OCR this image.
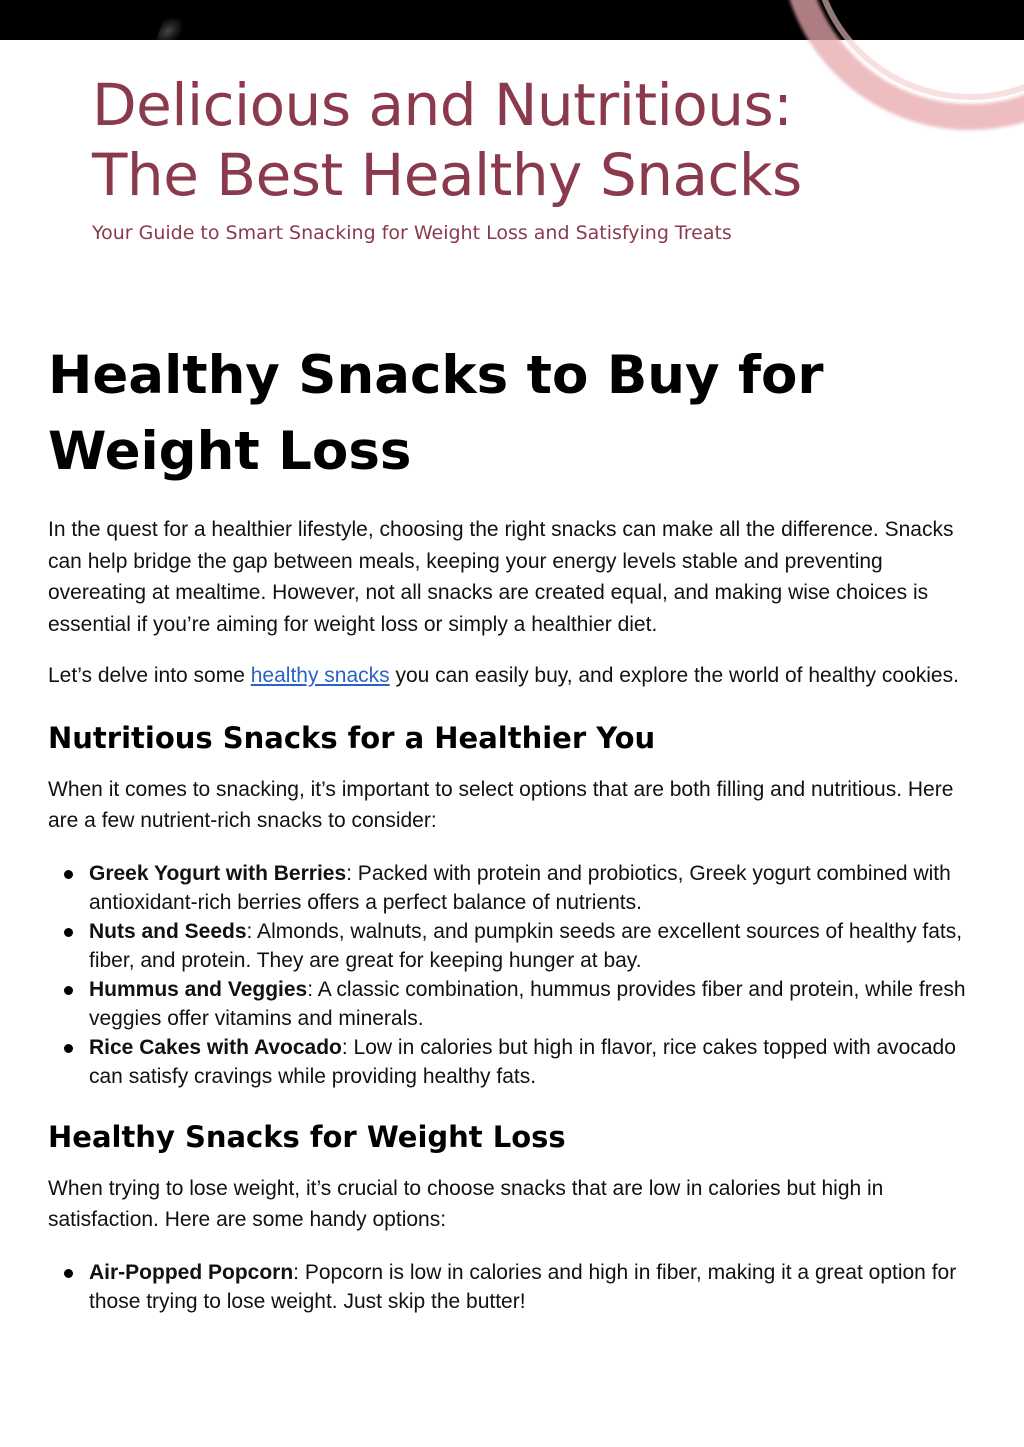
Delicious and Nutritious:
The Best Healthy Snacks

Your Guide to Smart Snacking for Weight Loss and Satisfying Treats

Healthy Snacks to Buy for Weight Loss

In the quest for a healthier lifestyle, choosing the right snacks can make all the difference. Snacks can help bridge the gap between meals, keeping your energy levels stable and preventing overeating at mealtime. However, not all snacks are created equal, and making wise choices is essential if you’re aiming for weight loss or simply a healthier diet.

Let’s delve into some healthy snacks you can easily buy, and explore the world of healthy cookies.

Nutritious Snacks for a Healthier You

When it comes to snacking, it’s important to select options that are both filling and nutritious. Here are a few nutrient-rich snacks to consider:

Greek Yogurt with Berries: Packed with protein and probiotics, Greek yogurt combined with antioxidant-rich berries offers a perfect balance of nutrients.
Nuts and Seeds: Almonds, walnuts, and pumpkin seeds are excellent sources of healthy fats, fiber, and protein. They are great for keeping hunger at bay.
Hummus and Veggies: A classic combination, hummus provides fiber and protein, while fresh veggies offer vitamins and minerals.
Rice Cakes with Avocado: Low in calories but high in flavor, rice cakes topped with avocado can satisfy cravings while providing healthy fats.
Healthy Snacks for Weight Loss

When trying to lose weight, it’s crucial to choose snacks that are low in calories but high in satisfaction. Here are some handy options:

Air-Popped Popcorn: Popcorn is low in calories and high in fiber, making it a great option for those trying to lose weight. Just skip the butter!
